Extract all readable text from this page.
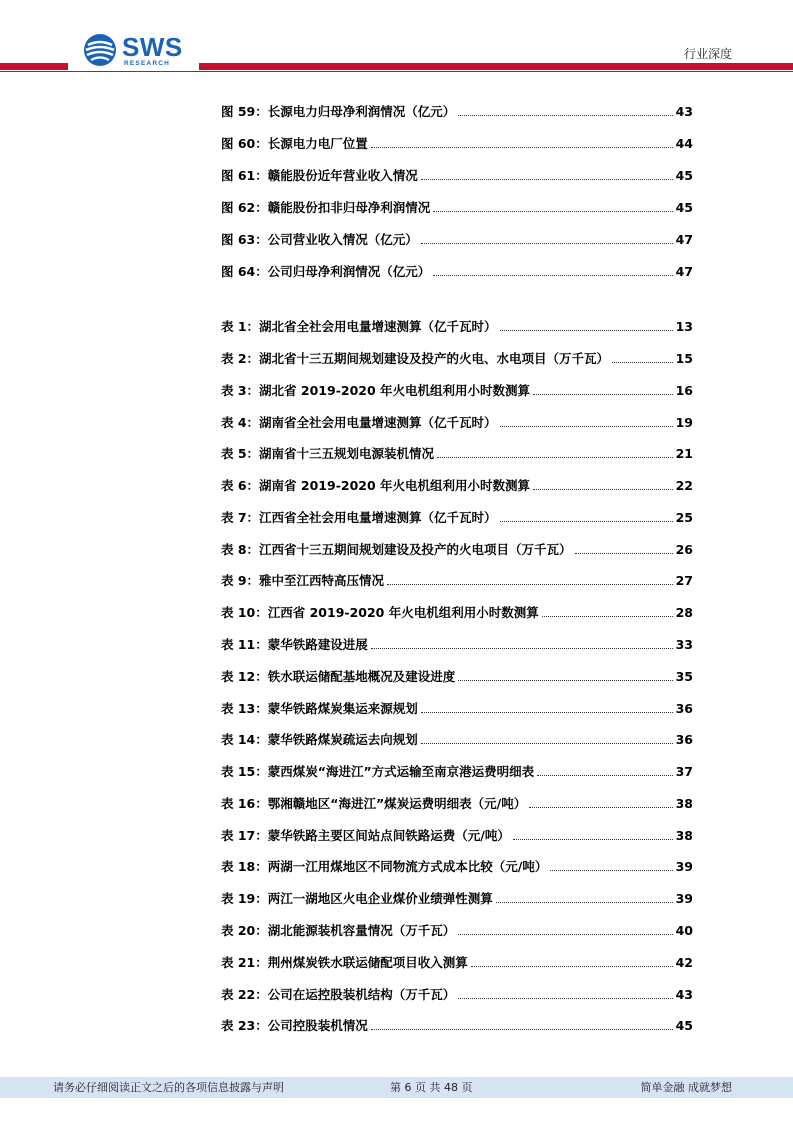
SWS
RESEARCH
行业深度
图 59：长源电力归母净利润情况（亿元）	43
图 60：长源电力电厂位置	44
图 61：赣能股份近年营业收入情况	45
图 62：赣能股份扣非归母净利润情况	45
图 63：公司营业收入情况（亿元）	47
图 64：公司归母净利润情况（亿元）	47
表 1：湖北省全社会用电量增速测算（亿千瓦时）	13
表 2：湖北省十三五期间规划建设及投产的火电、水电项目（万千瓦）	15
表 3：湖北省 2019-2020 年火电机组利用小时数测算	16
表 4：湖南省全社会用电量增速测算（亿千瓦时）	19
表 5：湖南省十三五规划电源装机情况	21
表 6：湖南省 2019-2020 年火电机组利用小时数测算	22
表 7：江西省全社会用电量增速测算（亿千瓦时）	25
表 8：江西省十三五期间规划建设及投产的火电项目（万千瓦）	26
表 9：雅中至江西特高压情况	27
表 10：江西省 2019-2020 年火电机组利用小时数测算	28
表 11：蒙华铁路建设进展	33
表 12：铁水联运储配基地概况及建设进度	35
表 13：蒙华铁路煤炭集运来源规划	36
表 14：蒙华铁路煤炭疏运去向规划	36
表 15：蒙西煤炭“海进江”方式运输至南京港运费明细表	37
表 16：鄂湘赣地区“海进江”煤炭运费明细表（元/吨）	38
表 17：蒙华铁路主要区间站点间铁路运费（元/吨）	38
表 18：两湖一江用煤地区不同物流方式成本比较（元/吨）	39
表 19：两江一湖地区火电企业煤价业绩弹性测算	39
表 20：湖北能源装机容量情况（万千瓦）	40
表 21：荆州煤炭铁水联运储配项目收入测算	42
表 22：公司在运控股装机结构（万千瓦）	43
表 23：公司控股装机情况	45
请务必仔细阅读正文之后的各项信息披露与声明	第 6 页 共 48 页	简单金融 成就梦想
